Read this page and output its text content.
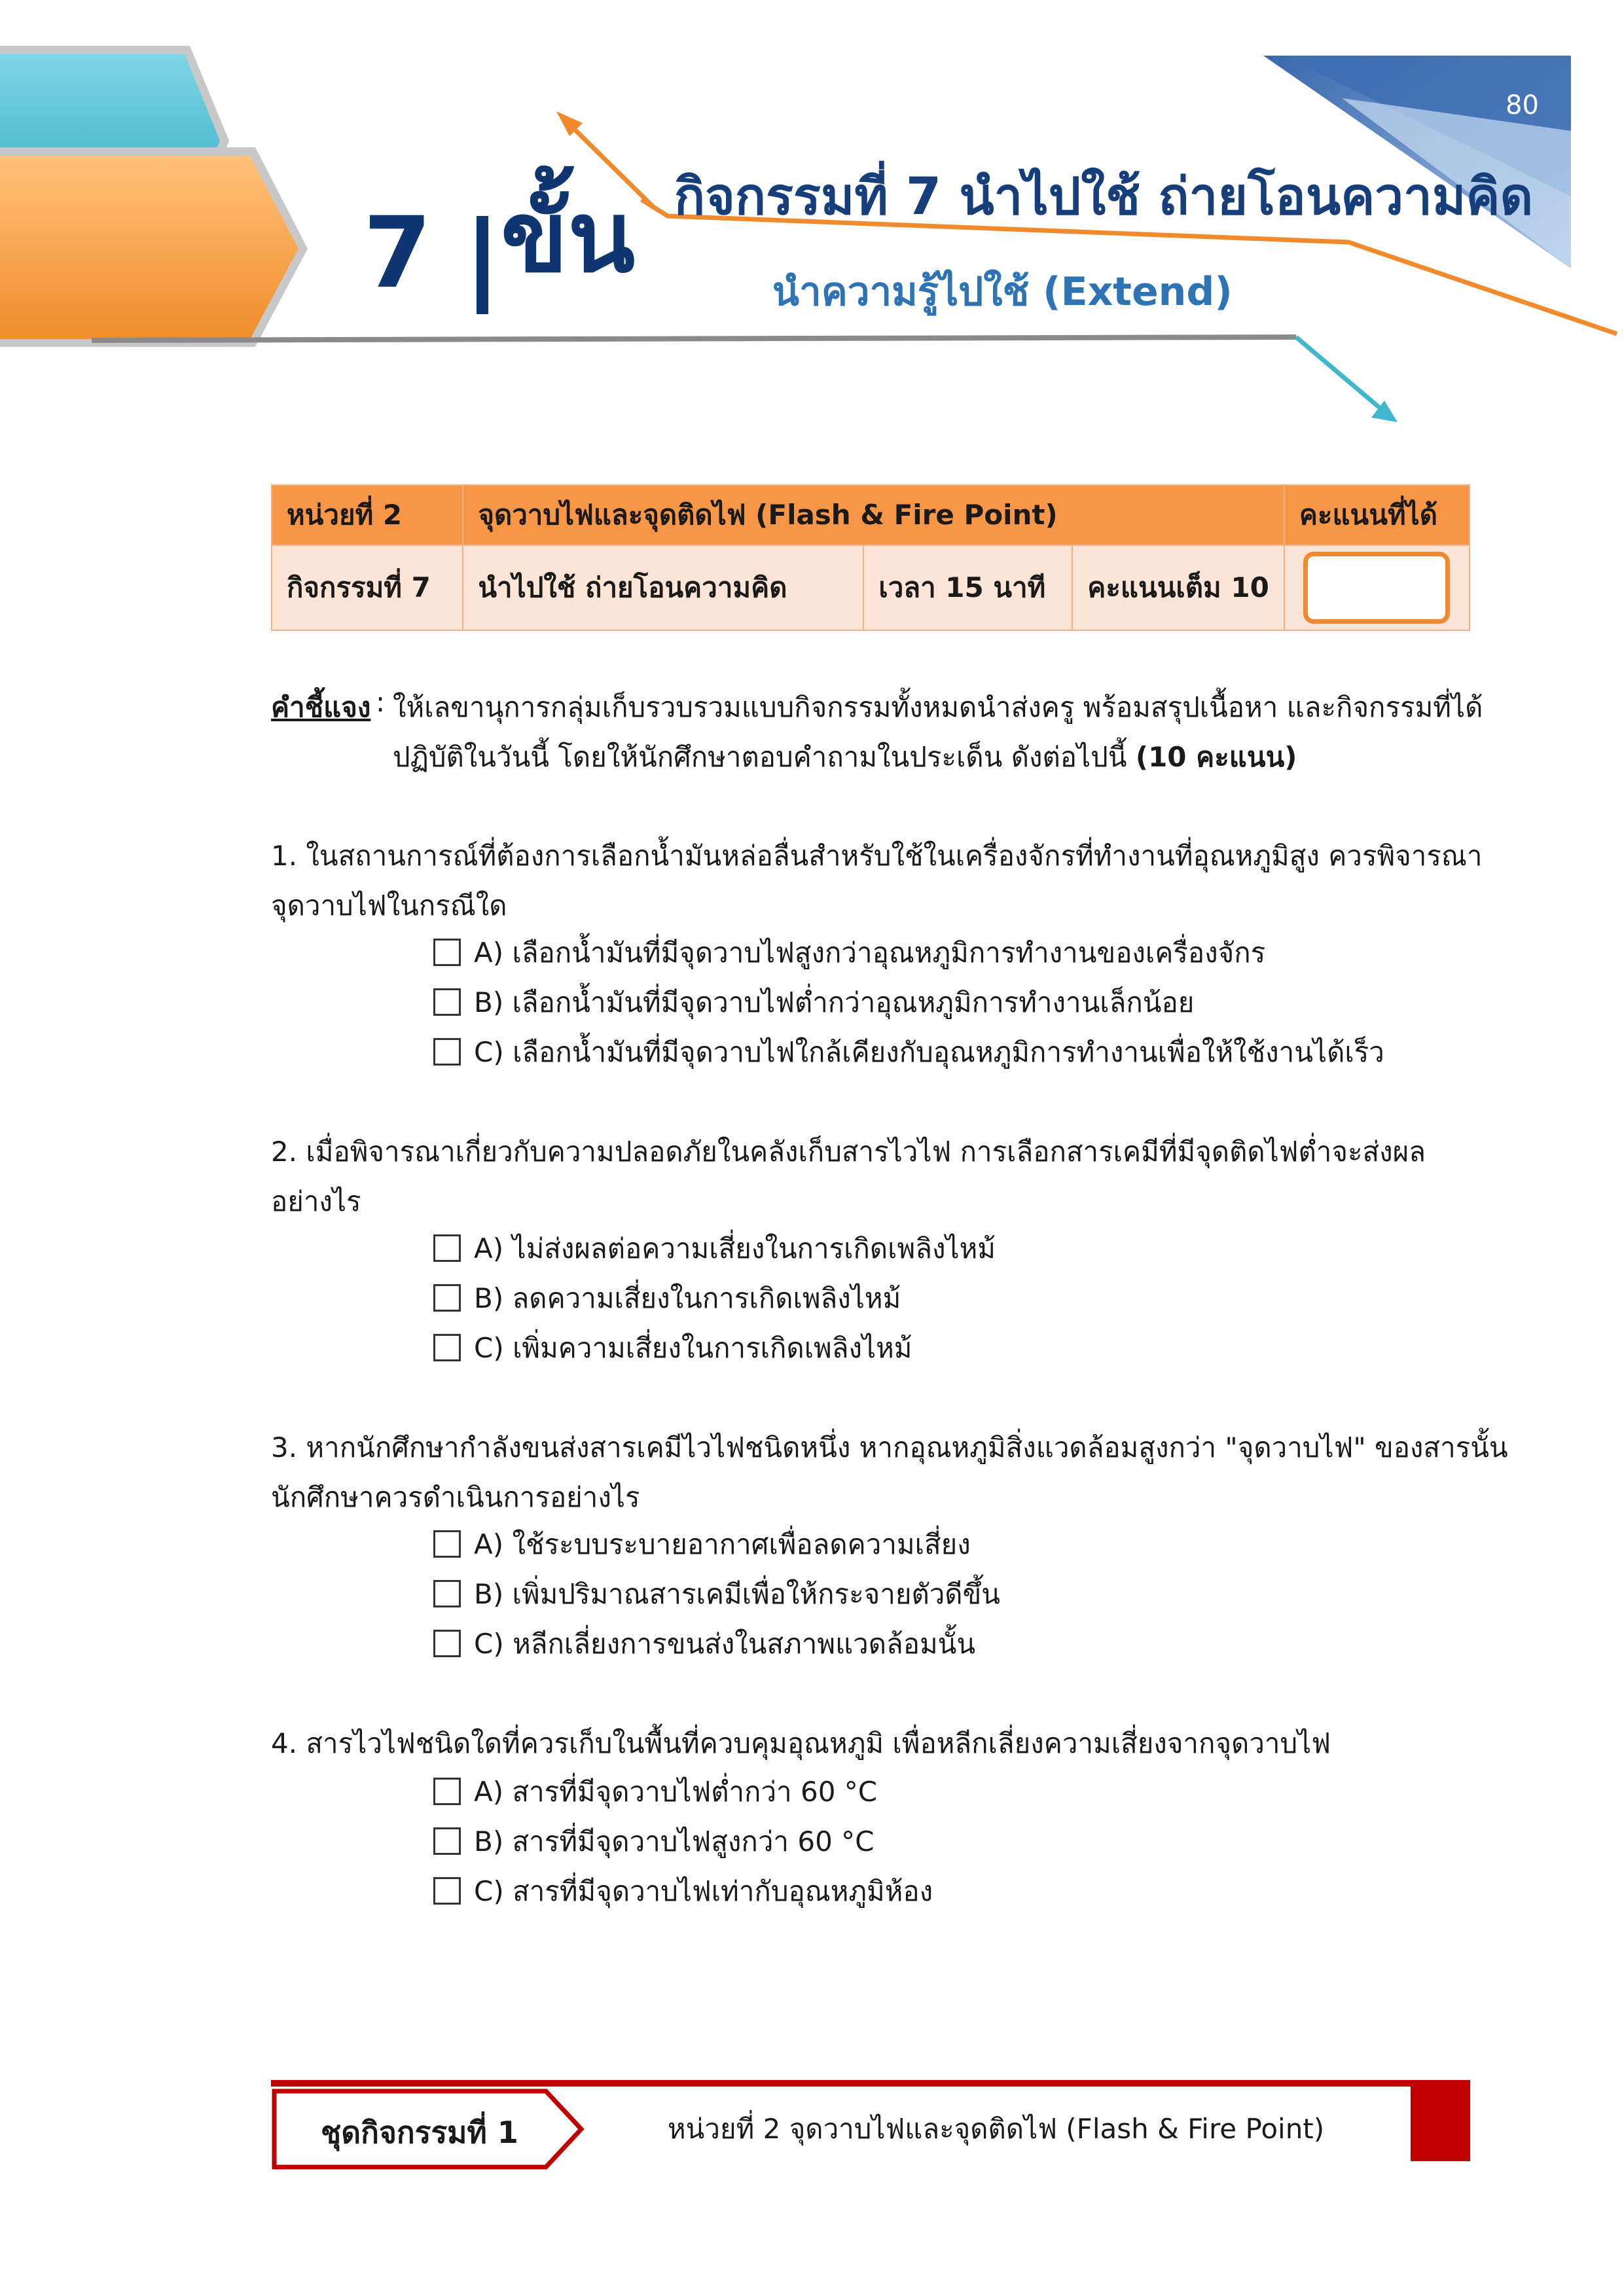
80
7 ขั้น กิจกรรมที่ 7 นำไปใช้ ถ่ายโอนความคิด
นำความรู้ไปใช้ (Extend)
หน่วยที่ 2	จุดวาบไฟและจุดติดไฟ (Flash & Fire Point)			คะแนนที่ได้
กิจกรรมที่ 7	นำไปใช้ ถ่ายโอนความคิด	เวลา 15 นาที	คะแนนเต็ม 10	
คำชี้แจง : ให้เลขานุการกลุ่มเก็บรวบรวมแบบกิจกรรมทั้งหมดนำส่งครู พร้อมสรุปเนื้อหา และกิจกรรมที่ได้
ปฏิบัติในวันนี้ โดยให้นักศึกษาตอบคำถามในประเด็น ดังต่อไปนี้ (10 คะแนน)
1. ในสถานการณ์ที่ต้องการเลือกน้ำมันหล่อลื่นสำหรับใช้ในเครื่องจักรที่ทำงานที่อุณหภูมิสูง ควรพิจารณา
จุดวาบไฟในกรณีใด
A) เลือกน้ำมันที่มีจุดวาบไฟสูงกว่าอุณหภูมิการทำงานของเครื่องจักร
B) เลือกน้ำมันที่มีจุดวาบไฟต่ำกว่าอุณหภูมิการทำงานเล็กน้อย
C) เลือกน้ำมันที่มีจุดวาบไฟใกล้เคียงกับอุณหภูมิการทำงานเพื่อให้ใช้งานได้เร็ว
2. เมื่อพิจารณาเกี่ยวกับความปลอดภัยในคลังเก็บสารไวไฟ การเลือกสารเคมีที่มีจุดติดไฟต่ำจะส่งผล
อย่างไร
A) ไม่ส่งผลต่อความเสี่ยงในการเกิดเพลิงไหม้
B) ลดความเสี่ยงในการเกิดเพลิงไหม้
C) เพิ่มความเสี่ยงในการเกิดเพลิงไหม้
3. หากนักศึกษากำลังขนส่งสารเคมีไวไฟชนิดหนึ่ง หากอุณหภูมิสิ่งแวดล้อมสูงกว่า "จุดวาบไฟ" ของสารนั้น
นักศึกษาควรดำเนินการอย่างไร
A) ใช้ระบบระบายอากาศเพื่อลดความเสี่ยง
B) เพิ่มปริมาณสารเคมีเพื่อให้กระจายตัวดีขึ้น
C) หลีกเลี่ยงการขนส่งในสภาพแวดล้อมนั้น
4. สารไวไฟชนิดใดที่ควรเก็บในพื้นที่ควบคุมอุณหภูมิ เพื่อหลีกเลี่ยงความเสี่ยงจากจุดวาบไฟ
A) สารที่มีจุดวาบไฟต่ำกว่า 60 °C
B) สารที่มีจุดวาบไฟสูงกว่า 60 °C
C) สารที่มีจุดวาบไฟเท่ากับอุณหภูมิห้อง
ชุดกิจกรรมที่ 1	หน่วยที่ 2 จุดวาบไฟและจุดติดไฟ (Flash & Fire Point)
